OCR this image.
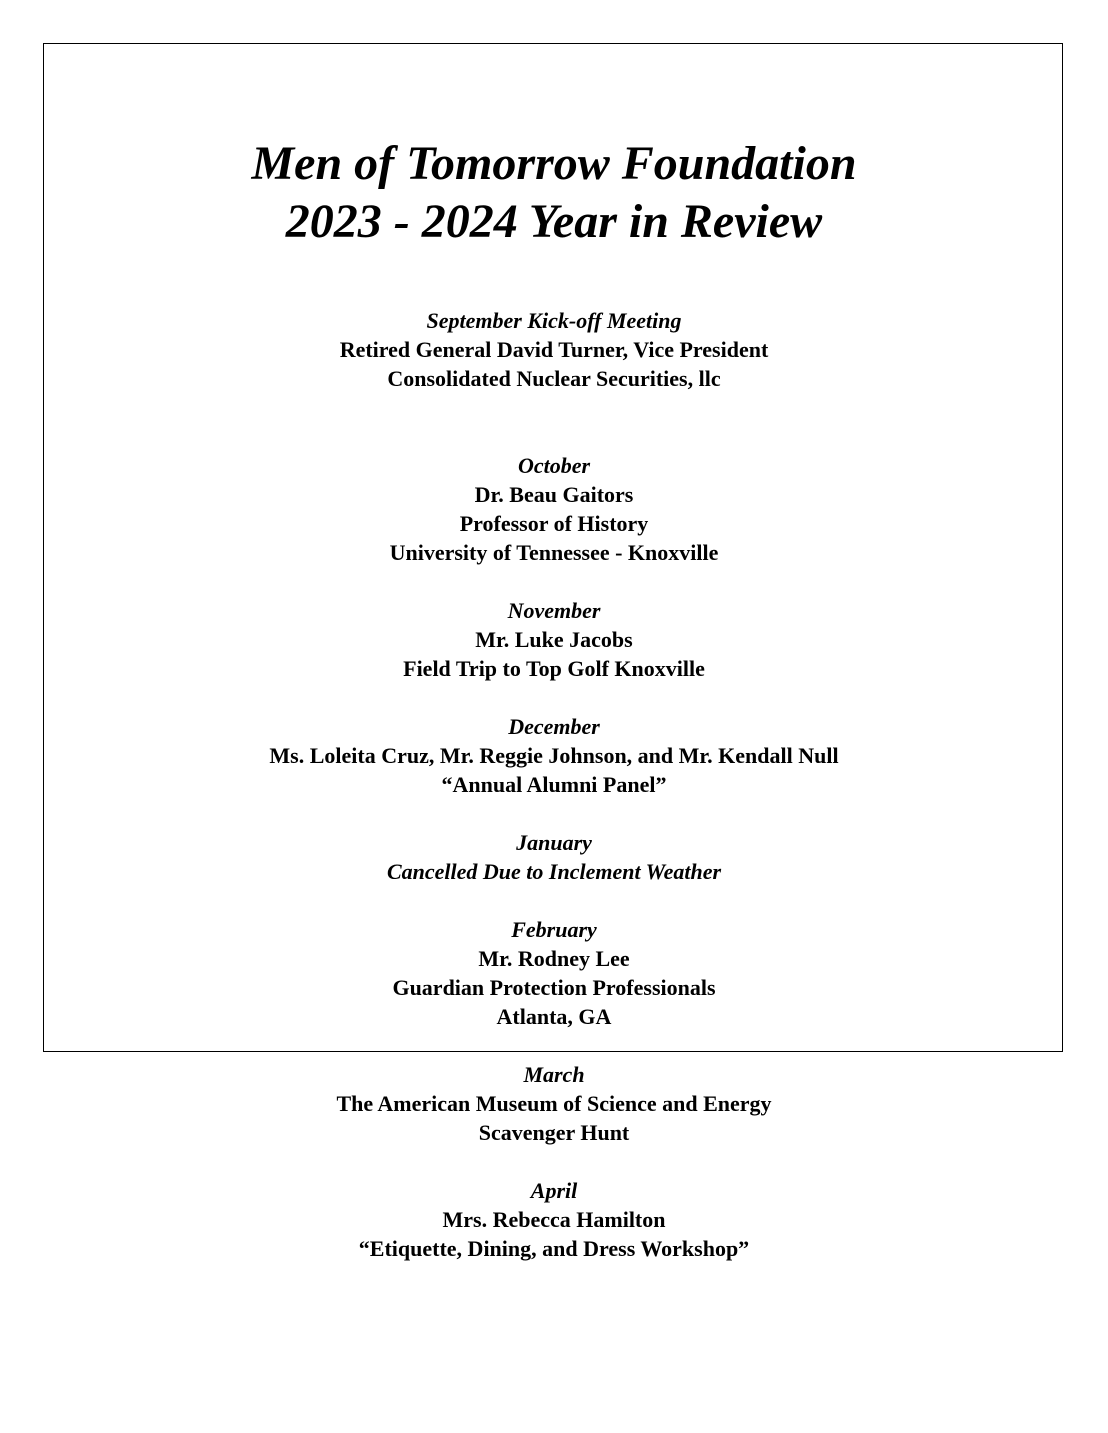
Men of Tomorrow Foundation
2023 - 2024 Year in Review
September Kick-off Meeting
Retired General David Turner, Vice President
Consolidated Nuclear Securities, llc
October
Dr. Beau Gaitors
Professor of History
University of Tennessee - Knoxville
November
Mr. Luke Jacobs
Field Trip to Top Golf Knoxville
December
Ms. Loleita Cruz, Mr. Reggie Johnson, and Mr. Kendall Null
“Annual Alumni Panel”
January
Cancelled Due to Inclement Weather
February
Mr. Rodney Lee
Guardian Protection Professionals
Atlanta, GA
March
The American Museum of Science and Energy
Scavenger Hunt
April
Mrs. Rebecca Hamilton
“Etiquette, Dining, and Dress Workshop”
